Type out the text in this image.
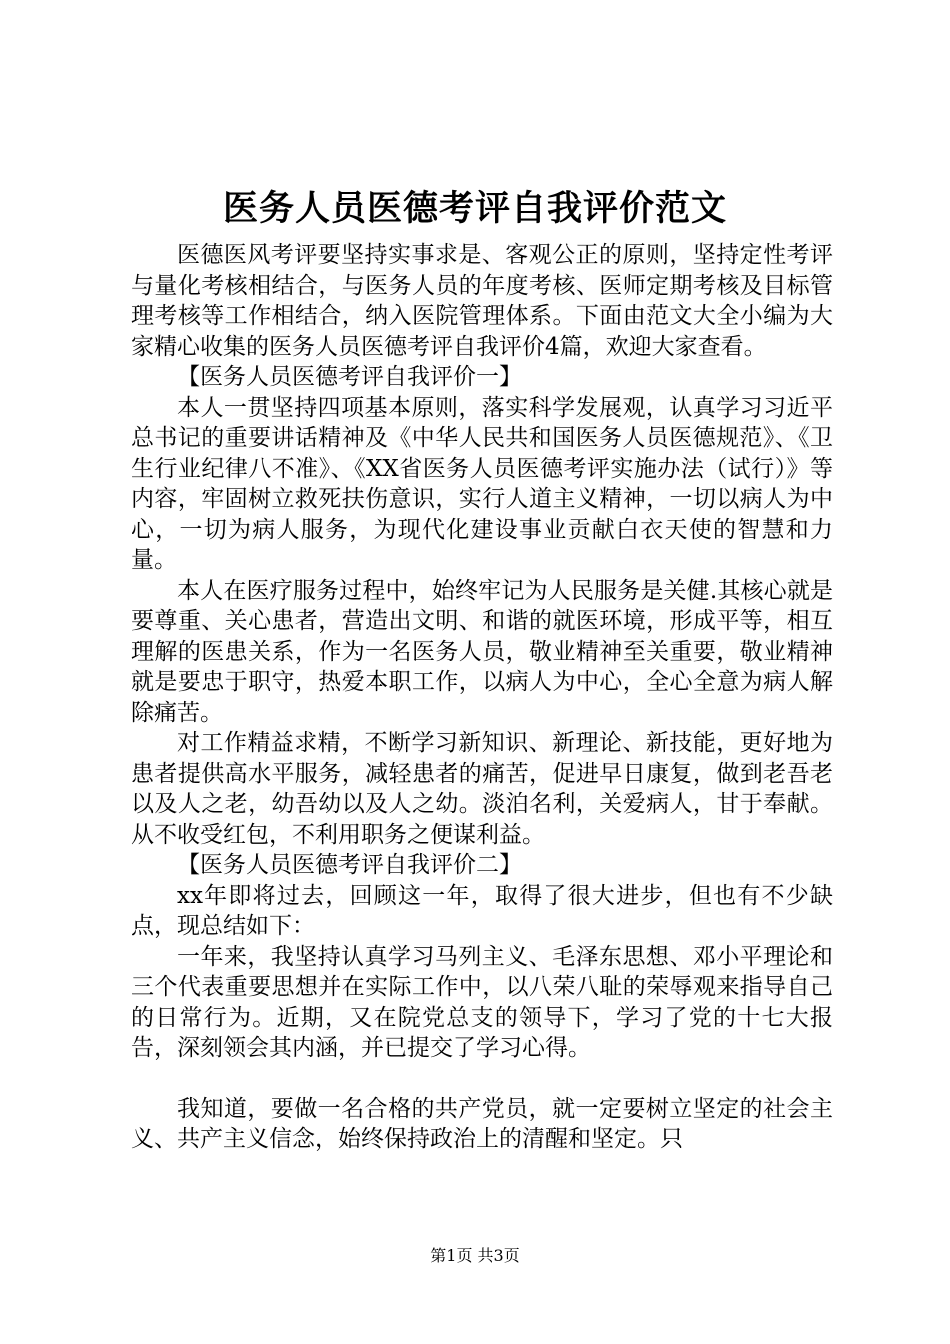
医务人员医德考评自我评价范文

医德医风考评要坚持实事求是、客观公正的原则，坚持定性考评与量化考核相结合，与医务人员的年度考核、医师定期考核及目标管理考核等工作相结合，纳入医院管理体系。下面由范文大全小编为大家精心收集的医务人员医德考评自我评价4篇，欢迎大家查看。

【医务人员医德考评自我评价一】

本人一贯坚持四项基本原则，落实科学发展观，认真学习习近平总书记的重要讲话精神及《中华人民共和国医务人员医德规范》、《卫生行业纪律八不准》、《XX省医务人员医德考评实施办法（试行）》等内容，牢固树立救死扶伤意识，实行人道主义精神，一切以病人为中心，一切为病人服务，为现代化建设事业贡献白衣天使的智慧和力量。

本人在医疗服务过程中，始终牢记为人民服务是关健.其核心就是要尊重、关心患者，营造出文明、和谐的就医环境，形成平等，相互理解的医患关系，作为一名医务人员，敬业精神至关重要，敬业精神就是要忠于职守，热爱本职工作，以病人为中心，全心全意为病人解除痛苦。

对工作精益求精，不断学习新知识、新理论、新技能，更好地为患者提供高水平服务，减轻患者的痛苦，促进早日康复，做到老吾老以及人之老，幼吾幼以及人之幼。淡泊名利，关爱病人，甘于奉献。从不收受红包，不利用职务之便谋利益。

【医务人员医德考评自我评价二】

xx年即将过去，回顾这一年，取得了很大进步，但也有不少缺点，现总结如下：

一年来，我坚持认真学习马列主义、毛泽东思想、邓小平理论和三个代表重要思想并在实际工作中，以八荣八耻的荣辱观来指导自己的日常行为。近期，又在院党总支的领导下，学习了党的十七大报告，深刻领会其内涵，并已提交了学习心得。

我知道，要做一名合格的共产党员，就一定要树立坚定的社会主义、共产主义信念，始终保持政治上的清醒和坚定。只

第1页 共3页
